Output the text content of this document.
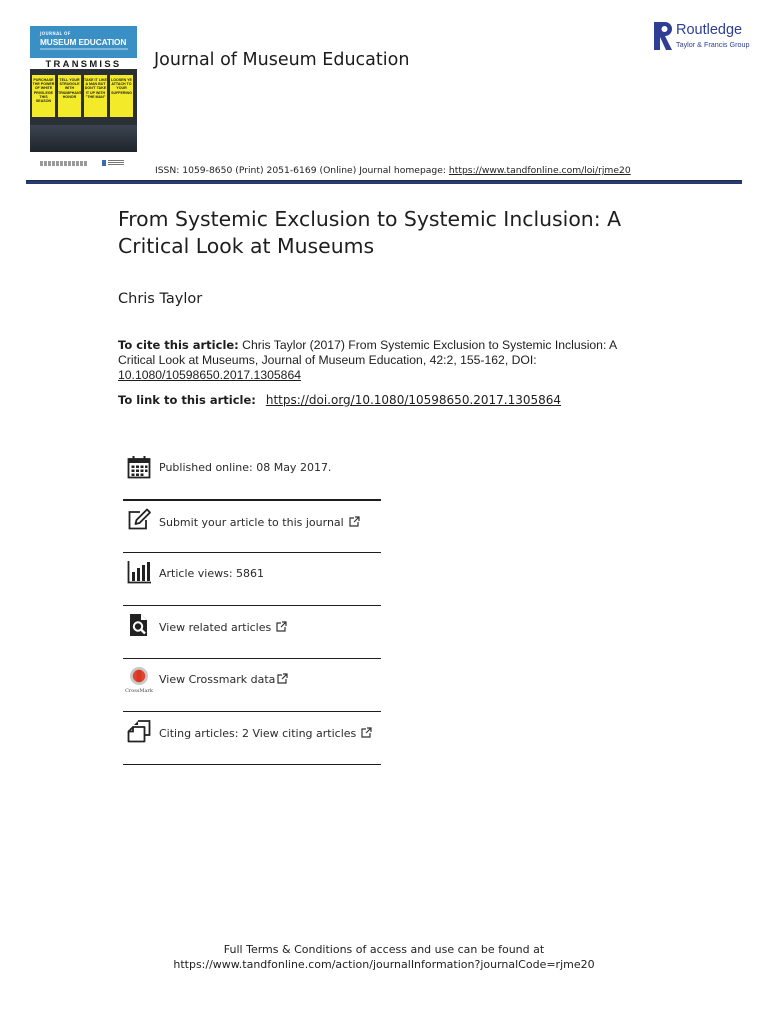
JOURNAL OF
MUSEUM EDUCATION
TRANSMISS
PURCHASE THE POWER OF WHITE PRIVILEGE THIS SEASON
TELL YOUR STRUGGLE WITH TRIUMPHANT HONOR
TAKE IT LIKE A MAN BUT DON'T TAKE IT UP WITH "THE MAN"
LOOSEN YE ATTACH TO YOUR SUFFERING
Journal of Museum Education
Routledge
Taylor & Francis Group
ISSN: 1059-8650 (Print) 2051-6169 (Online) Journal homepage: https://www.tandfonline.com/loi/rjme20
From Systemic Exclusion to Systemic Inclusion: A Critical Look at Museums
Chris Taylor
To cite this article: Chris Taylor (2017) From Systemic Exclusion to Systemic Inclusion: A Critical Look at Museums, Journal of Museum Education, 42:2, 155-162, DOI: 10.1080/10598650.2017.1305864
To link to this article: https://doi.org/10.1080/10598650.2017.1305864
Published online: 08 May 2017.
Submit your article to this journal
Article views: 5861
View related articles
CrossMark
View Crossmark data
Citing articles: 2 View citing articles
Full Terms & Conditions of access and use can be found at
https://www.tandfonline.com/action/journalInformation?journalCode=rjme20
